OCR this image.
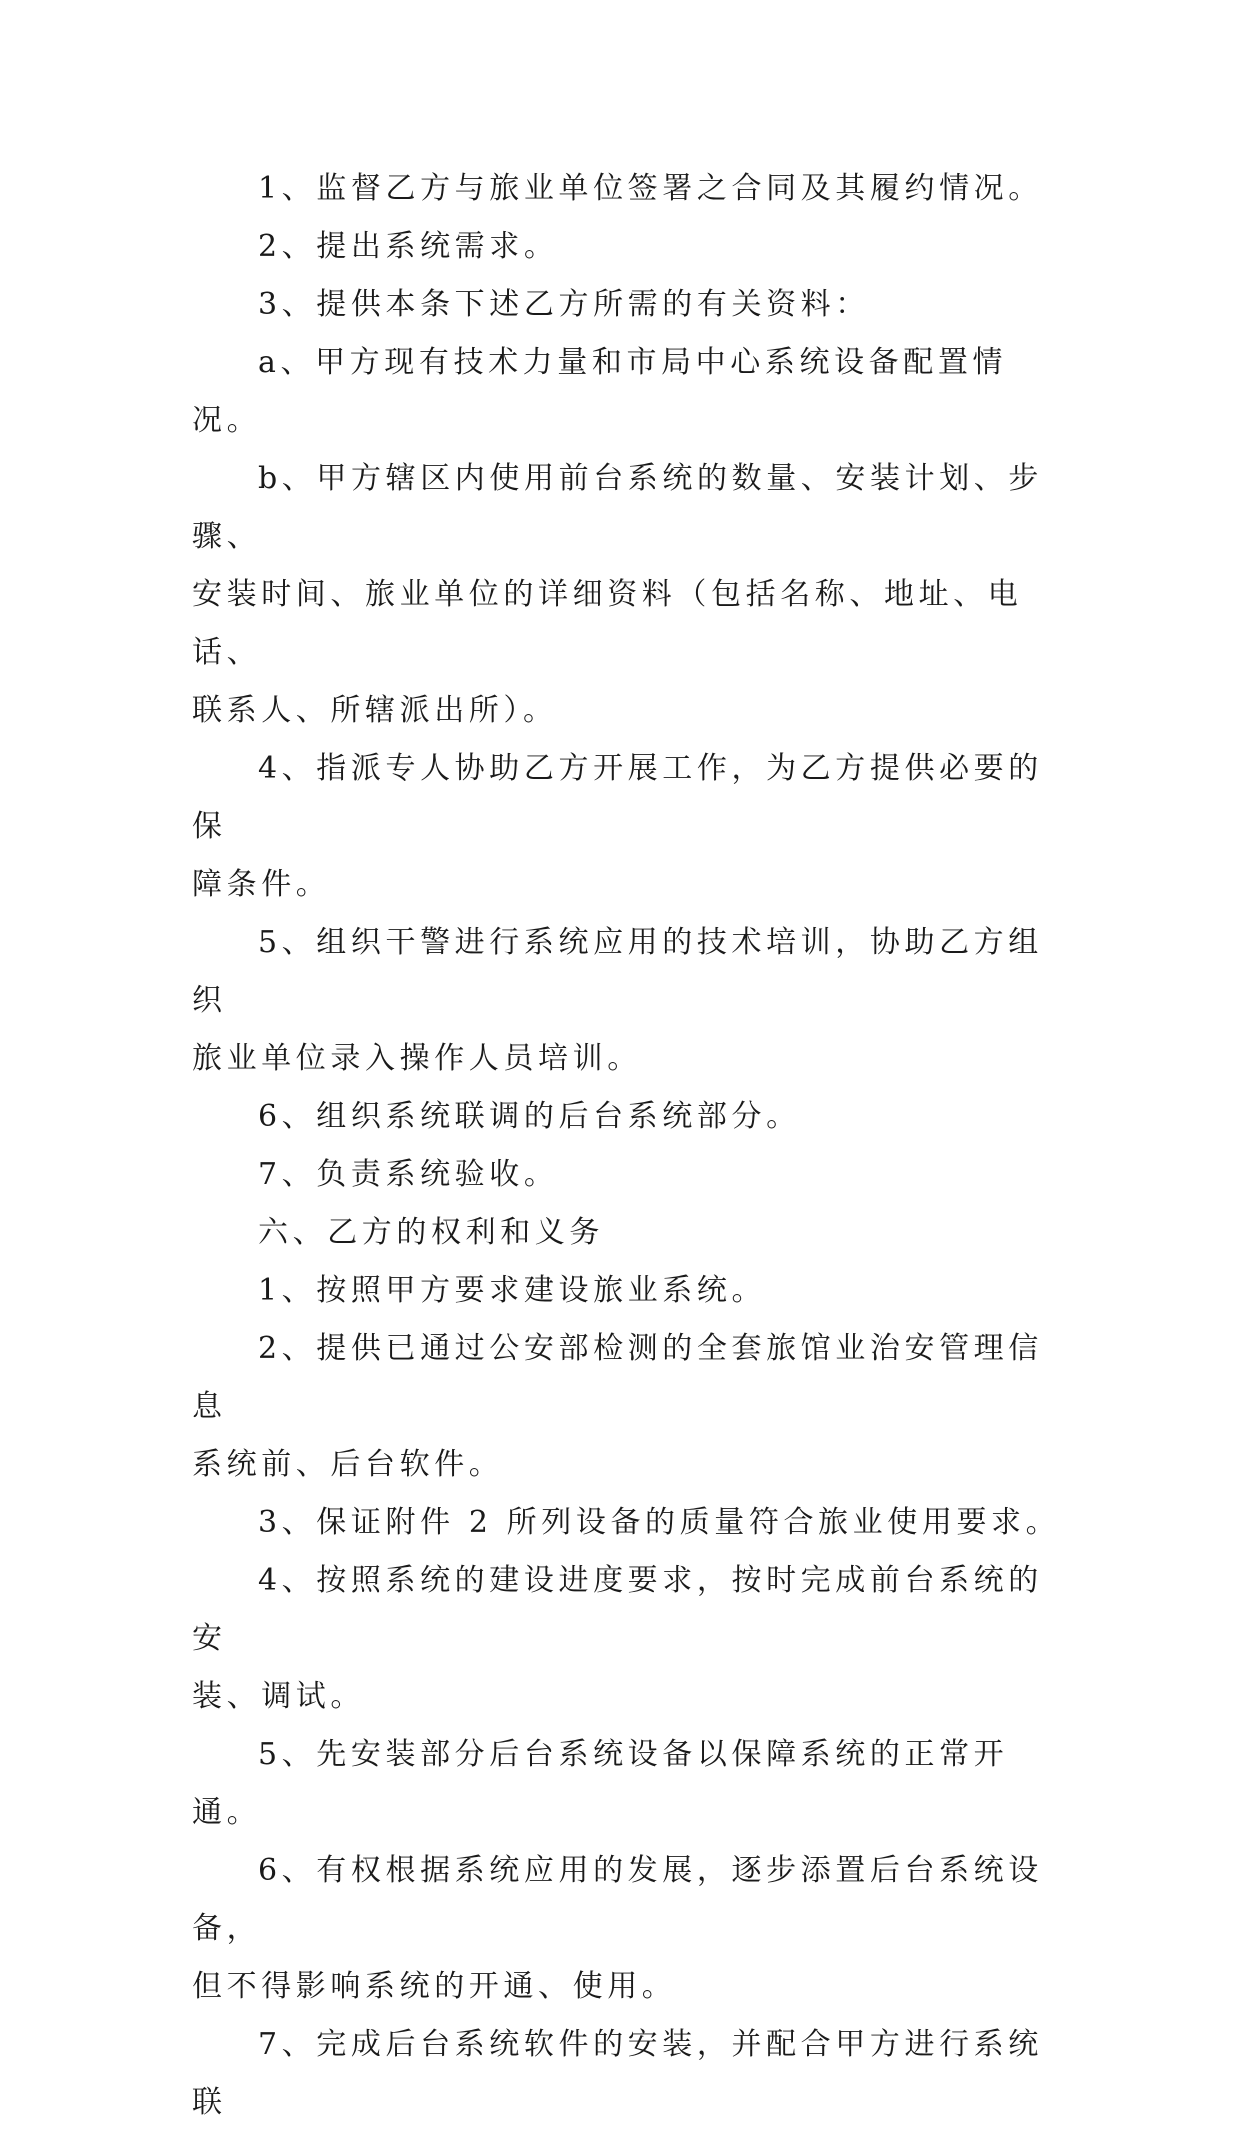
1、监督乙方与旅业单位签署之合同及其履约情况。

2、提出系统需求。

3、提供本条下述乙方所需的有关资料：

a、甲方现有技术力量和市局中心系统设备配置情况。

b、甲方辖区内使用前台系统的数量、安装计划、步骤、
安装时间、旅业单位的详细资料（包括名称、地址、电话、
联系人、所辖派出所）。

4、指派专人协助乙方开展工作，为乙方提供必要的保
障条件。

5、组织干警进行系统应用的技术培训，协助乙方组织
旅业单位录入操作人员培训。

6、组织系统联调的后台系统部分。

7、负责系统验收。

六、乙方的权利和义务

1、按照甲方要求建设旅业系统。

2、提供已通过公安部检测的全套旅馆业治安管理信息
系统前、后台软件。

3、保证附件 2 所列设备的质量符合旅业使用要求。

4、按照系统的建设进度要求，按时完成前台系统的安
装、调试。

5、先安装部分后台系统设备以保障系统的正常开通。

6、有权根据系统应用的发展，逐步添置后台系统设备，
但不得影响系统的开通、使用。

7、完成后台系统软件的安装，并配合甲方进行系统联
